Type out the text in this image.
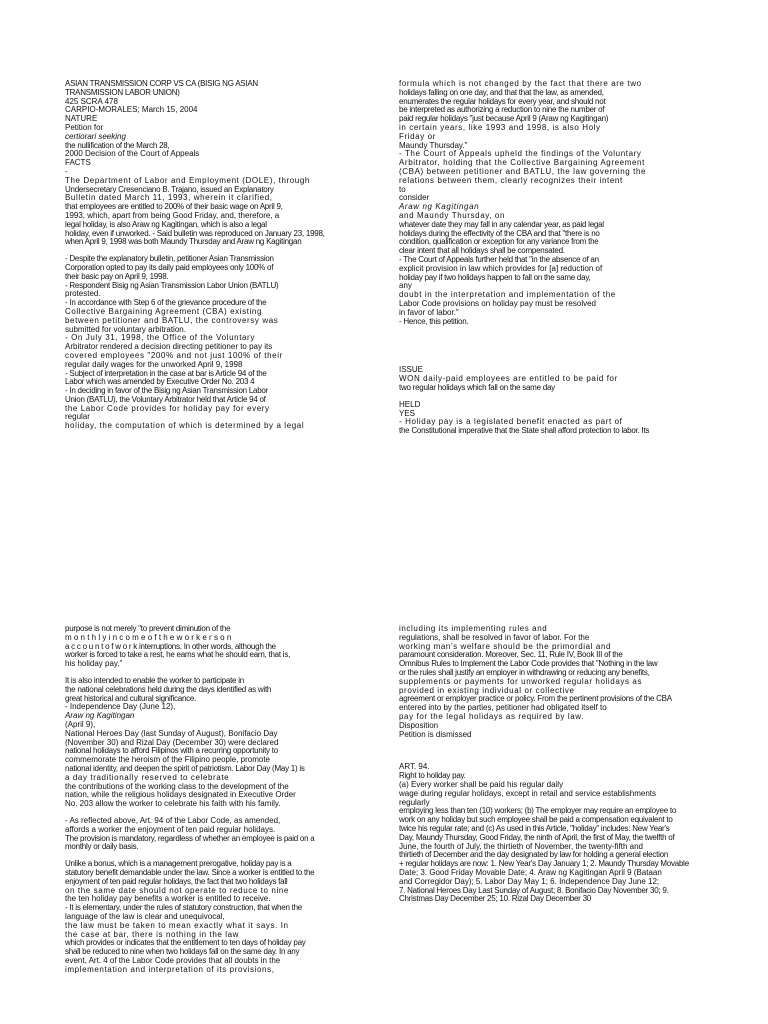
ASIAN TRANSMISSION CORP VS CA (BISIG NG ASIAN

TRANSMISSION LABOR UNION)

425 SCRA 478

CARPIO-MORALES; March 15, 2004

NATURE

Petition for

certiorari seeking

the nullification of the March 28,

2000 Decision of the Court of Appeals

FACTS

-

The Department of Labor and Employment (DOLE), through

Undersecretary Cresenciano B. Trajano, issued an Explanatory

Bulletin dated March 11, 1993, wherein it clarified,

that employees are entitled to 200% of their basic wage on April 9,

1993, which, apart from being Good Friday, and, therefore, a

legal holiday, is also Araw ng Kagitingan, which is also a legal

holiday, even if unworked. - Said bulletin was reproduced on January 23, 1998,

when April 9, 1998 was both Maundy Thursday and Araw ng Kagitingan

- Despite the explanatory bulletin, petitioner Asian Transmission

Corporation opted to pay its daily paid employees only 100% of

their basic pay on April 9, 1998.

- Respondent Bisig ng Asian Transmission Labor Union (BATLU)

protested.

- In accordance with Step 6 of the grievance procedure of the

Collective Bargaining Agreement (CBA) existing

between petitioner and BATLU, the controversy was

submitted for voluntary arbitration.

- On July 31, 1998, the Office of the Voluntary

Arbitrator rendered a decision directing petitioner to pay its

covered employees "200% and not just 100% of their

regular daily wages for the unworked April 9, 1998

- Subject of interpretation in the case at bar is Article 94 of the

Labor which was amended by Executive Order No. 203 4

- In deciding in favor of the Bisig ng Asian Transmission Labor

Union (BATLU), the Voluntary Arbitrator held that Article 94 of

the Labor Code provides for holiday pay for every

regular

holiday, the computation of which is determined by a legal

formula which is not changed by the fact that there are two

holidays falling on one day, and that that the law, as amended,

enumerates the regular holidays for every year, and should not

be interpreted as authorizing a reduction to nine the number of

paid regular holidays "just because April 9 (Araw ng Kagitingan)

in certain years, like 1993 and 1998, is also Holy

Friday or

Maundy Thursday."

- The Court of Appeals upheld the findings of the Voluntary

Arbitrator, holding that the Collective Bargaining Agreement

(CBA) between petitioner and BATLU, the law governing the

relations between them, clearly recognizes their intent

to

consider

Araw ng Kagitingan

and Maundy Thursday, on

whatever date they may fall in any calendar year, as paid legal

holidays during the effectivity of the CBA and that "there is no

condition, qualification or exception for any variance from the

clear intent that all holidays shall be compensated.

- The Court of Appeals further held that "in the absence of an

explicit provision in law which provides for [a] reduction of

holiday pay if two holidays happen to fall on the same day,

any

doubt in the interpretation and implementation of the

Labor Code provisions on holiday pay must be resolved

in favor of labor."

- Hence, this petition.

ISSUE

WON daily-paid employees are entitled to be paid for

two regular holidays which fall on the same day

HELD

YES

- Holiday pay is a legislated benefit enacted as part of

the Constitutional imperative that the State shall afford protection to labor. Its

purpose is not merely "to prevent diminution of the

m o n t h l y i n c o m e o f t h e w o r k e r s o n

a c c o u n t o f w o r k interruptions. In other words, although the

worker is forced to take a rest, he earns what he should earn, that is,

his holiday pay."

It is also intended to enable the worker to participate in

the national celebrations held during the days identified as with

great historical and cultural significance.

- Independence Day (June 12),

Araw ng Kagitingan

(April 9),

National Heroes Day (last Sunday of August), Bonifacio Day

(November 30) and Rizal Day (December 30) were declared

national holidays to afford Filipinos with a recurring opportunity to

commemorate the heroism of the Filipino people, promote

national identity, and deepen the spirit of patriotism. Labor Day (May 1) is

a day traditionally reserved to celebrate

the contributions of the working class to the development of the

nation, while the religious holidays designated in Executive Order

No. 203 allow the worker to celebrate his faith with his family.

- As reflected above, Art. 94 of the Labor Code, as amended,

affords a worker the enjoyment of ten paid regular holidays.

The provision is mandatory, regardless of whether an employee is paid on a

monthly or daily basis.

Unlike a bonus, which is a management prerogative, holiday pay is a

statutory benefit demandable under the law. Since a worker is entitled to the

enjoyment of ten paid regular holidays, the fact that two holidays fall

on the same date should not operate to reduce to nine

the ten holiday pay benefits a worker is entitled to receive.

- It is elementary, under the rules of statutory construction, that when the

language of the law is clear and unequivocal,

the law must be taken to mean exactly what it says. In

the case at bar, there is nothing in the law

which provides or indicates that the entitlement to ten days of holiday pay

shall be reduced to nine when two holidays fall on the same day. In any

event, Art. 4 of the Labor Code provides that all doubts in the

implementation and interpretation of its provisions,

including its implementing rules and

regulations, shall be resolved in favor of labor. For the

working man's welfare should be the primordial and

paramount consideration. Moreover, Sec. 11, Rule IV, Book III of the

Omnibus Rules to Implement the Labor Code provides that "Nothing in the law

or the rules shall justify an employer in withdrawing or reducing any benefits,

supplements or payments for unworked regular holidays as

provided in existing individual or collective

agreement or employer practice or policy. From the pertinent provisions of the CBA

entered into by the parties, petitioner had obligated itself to

pay for the legal holidays as required by law.

Disposition

Petition is dismissed

ART. 94.

Right to holiday pay.

(a) Every worker shall be paid his regular daily

wage during regular holidays, except in retail and service establishments

regularly

employing less than ten (10) workers; (b) The employer may require an employee to

work on any holiday but such employee shall be paid a compensation equivalent to

twice his regular rate; and (c) As used in this Article, "holiday" includes: New Year's

Day, Maundy Thursday, Good Friday, the ninth of April, the first of May, the twelfth of

June, the fourth of July, the thirtieth of November, the twenty-fifth and

thirtieth of December and the day designated by law for holding a general election

+ regular holidays are now: 1. New Year's Day January 1; 2. Maundy Thursday Movable

Date; 3. Good Friday Movable Date; 4. Araw ng Kagitingan April 9 (Bataan

and Corregidor Day); 5. Labor Day May 1; 6. Independence Day June 12;

7. National Heroes Day Last Sunday of August; 8. Bonifacio Day November 30; 9.

Christmas Day December 25; 10. Rizal Day December 30
